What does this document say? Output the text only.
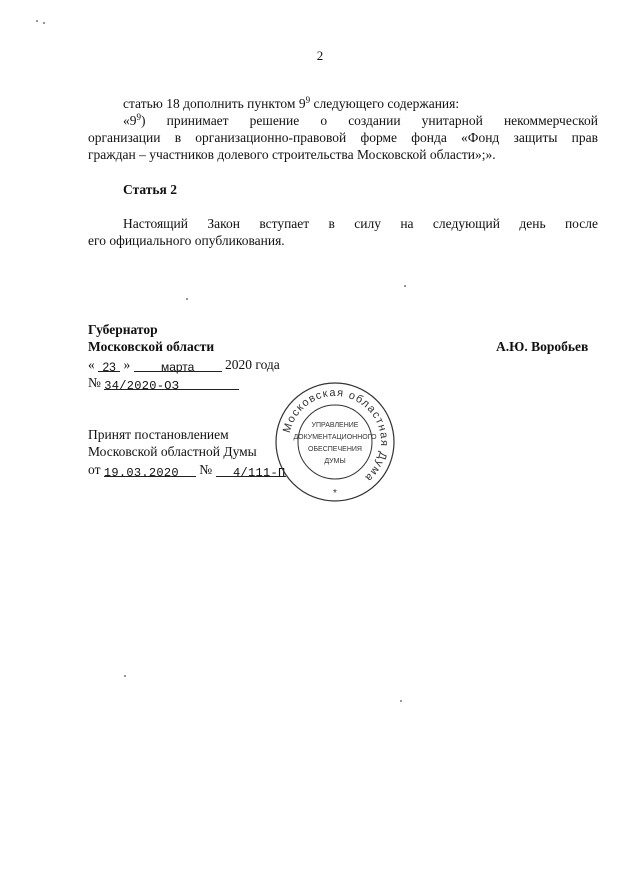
2
статью 18 дополнить пунктом $9^9$ следующего содержания:
«$9^9$) принимает решение о создании унитарной некоммерческой
организации в организационно-правовой форме фонда «Фонд защиты прав
граждан – участников долевого строительства Московской области»;».
Статья 2
Настоящий Закон вступает в силу на следующий день после
его официального опубликования.
Губернатор
Московской области	А.Ю. Воробьев
« 23 »	марта 2020 года
№ 34/2020-ОЗ
Принят постановлением
Московской областной Думы
от 19.03.2020 № 4/111-П
Московская областная Дума
УПРАВЛЕНИЕ
ДОКУМЕНТАЦИОННОГО
ОБЕСПЕЧЕНИЯ
ДУМЫ
*
